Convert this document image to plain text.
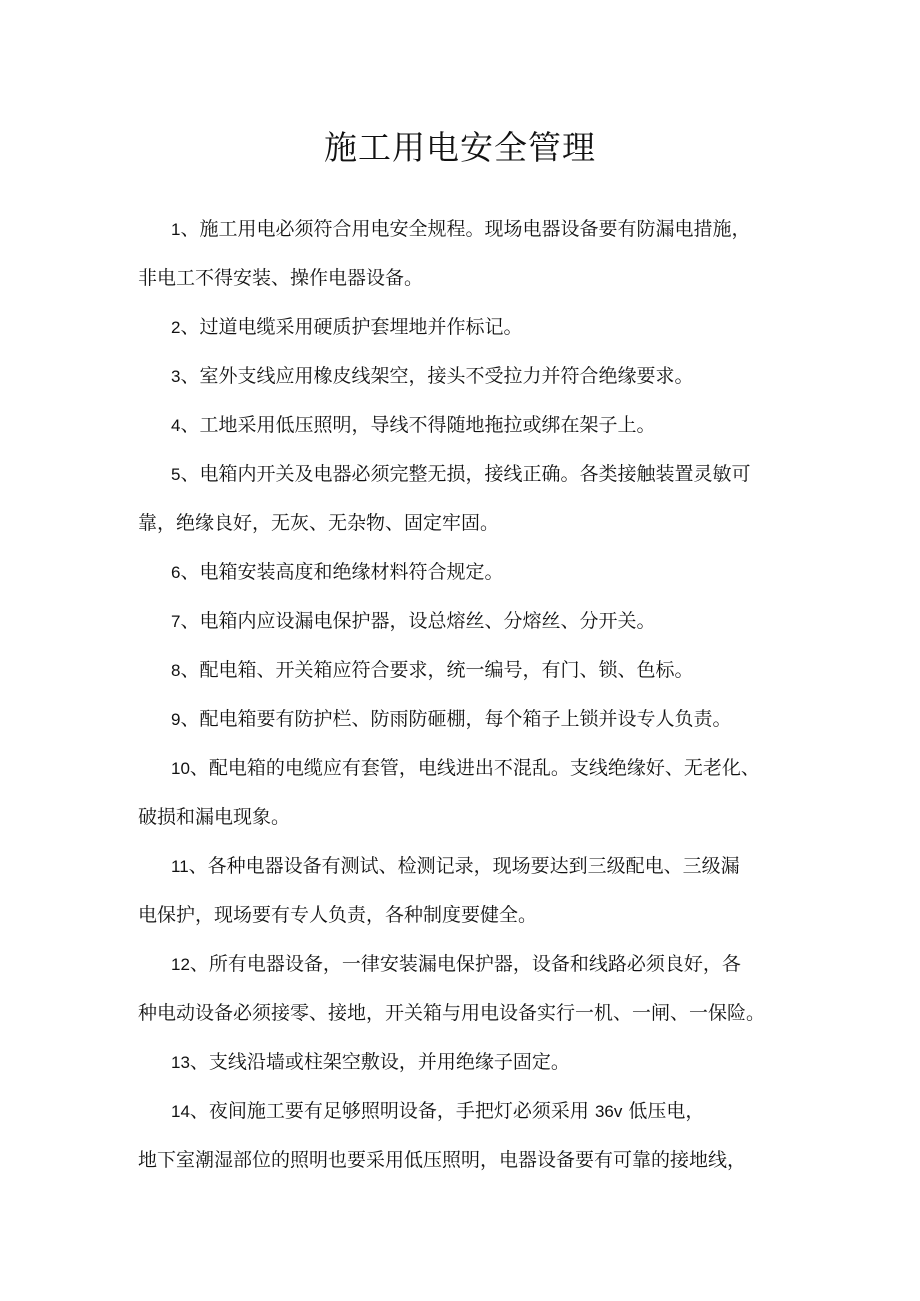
施工用电安全管理

1、施工用电必须符合用电安全规程。现场电器设备要有防漏电措施，
非电工不得安装、操作电器设备。

2、过道电缆采用硬质护套埋地并作标记。

3、室外支线应用橡皮线架空，接头不受拉力并符合绝缘要求。

4、工地采用低压照明，导线不得随地拖拉或绑在架子上。

5、电箱内开关及电器必须完整无损，接线正确。各类接触装置灵敏可
靠，绝缘良好，无灰、无杂物、固定牢固。

6、电箱安装高度和绝缘材料符合规定。

7、电箱内应设漏电保护器，设总熔丝、分熔丝、分开关。

8、配电箱、开关箱应符合要求，统一编号，有门、锁、色标。

9、配电箱要有防护栏、防雨防砸棚，每个箱子上锁并设专人负责。

10、配电箱的电缆应有套管，电线进出不混乱。支线绝缘好、无老化、
破损和漏电现象。

11、各种电器设备有测试、检测记录，现场要达到三级配电、三级漏
电保护，现场要有专人负责，各种制度要健全。

12、所有电器设备，一律安装漏电保护器，设备和线路必须良好，各
种电动设备必须接零、接地，开关箱与用电设备实行一机、一闸、一保险。

13、支线沿墙或柱架空敷设，并用绝缘子固定。

14、夜间施工要有足够照明设备，手把灯必须采用 36v 低压电，
地下室潮湿部位的照明也要采用低压照明，电器设备要有可靠的接地线，
